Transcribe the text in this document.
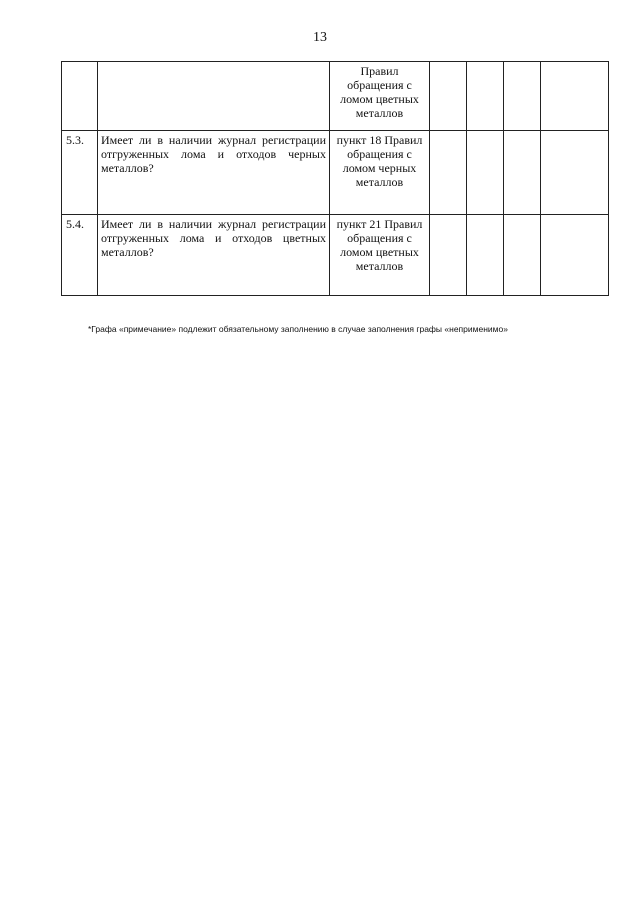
13
		Правил обращения с ломом цветных металлов				
5.3.	Имеет ли в наличии журнал регистрации отгруженных лома и отходов черных металлов?	пункт 18 Правил обращения с ломом черных металлов				
5.4.	Имеет ли в наличии журнал регистрации отгруженных лома и отходов цветных металлов?	пункт 21 Правил обращения с ломом цветных металлов				
*Графа «примечание» подлежит обязательному заполнению в случае заполнения графы «неприменимо»
